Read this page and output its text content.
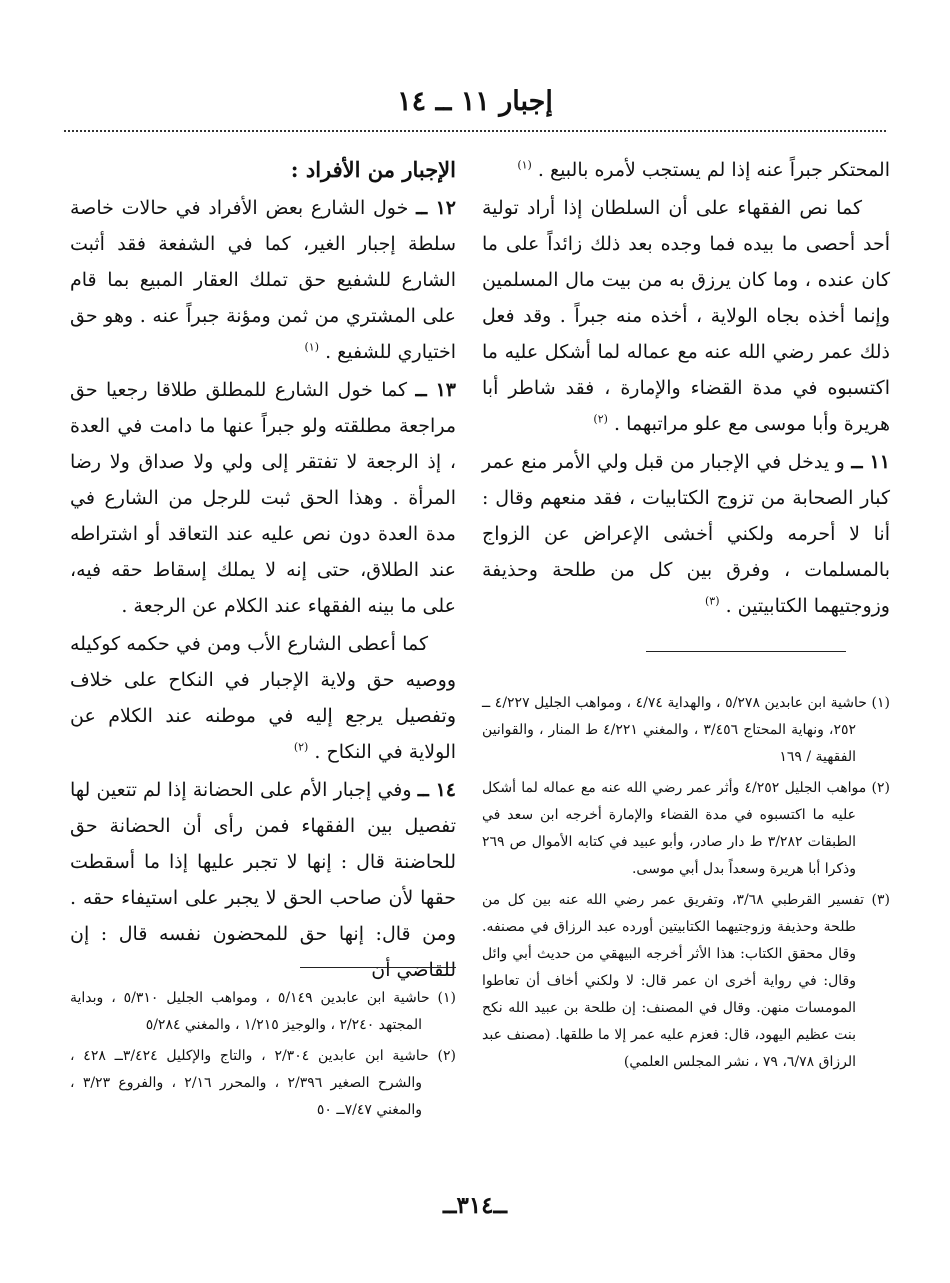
إجبار ١١ ــ ١٤

المحتكر جبراً عنه إذا لم يستجب لأمره بالبيع . $^{(١)}$

كما نص الفقهاء على أن السلطان إذا أراد تولية أحد أحصى ما بيده فما وجده بعد ذلك زائداً على ما كان عنده ، وما كان يرزق به من بيت مال المسلمين وإنما أخذه بجاه الولاية ، أخذه منه جبراً . وقد فعل ذلك عمر رضي الله عنه مع عماله لما أشكل عليه ما اكتسبوه في مدة القضاء والإمارة ، فقد شاطر أبا هريرة وأبا موسى مع علو مراتبهما . $^{(٢)}$

١١ ــ و يدخل في الإجبار من قبل ولي الأمر منع عمر كبار الصحابة من تزوج الكتابيات ، فقد منعهم وقال : أنا لا أحرمه ولكني أخشى الإعراض عن الزواج بالمسلمات ، وفرق بين كل من طلحة وحذيفة وزوجتيهما الكتابيتين . $^{(٣)}$

الإجبار من الأفراد :

١٢ ــ خول الشارع بعض الأفراد في حالات خاصة سلطة إجبار الغير، كما في الشفعة فقد أثبت الشارع للشفيع حق تملك العقار المبيع بما قام على المشتري من ثمن ومؤنة جبراً عنه . وهو حق اختياري للشفيع . $^{(١)}$

١٣ ــ كما خول الشارع للمطلق طلاقا رجعيا حق مراجعة مطلقته ولو جبراً عنها ما دامت في العدة ، إذ الرجعة لا تفتقر إلى ولي ولا صداق ولا رضا المرأة . وهذا الحق ثبت للرجل من الشارع في مدة العدة دون نص عليه عند التعاقد أو اشتراطه عند الطلاق، حتى إنه لا يملك إسقاط حقه فيه، على ما بينه الفقهاء عند الكلام عن الرجعة .

كما أعطى الشارع الأب ومن في حكمه كوكيله ووصيه حق ولاية الإجبار في النكاح على خلاف وتفصيل يرجع إليه في موطنه عند الكلام عن الولاية في النكاح . $^{(٢)}$

١٤ ــ وفي إجبار الأم على الحضانة إذا لم تتعين لها تفصيل بين الفقهاء فمن رأى أن الحضانة حق للحاضنة قال : إنها لا تجبر عليها إذا ما أسقطت حقها لأن صاحب الحق لا يجبر على استيفاء حقه . ومن قال: إنها حق للمحضون نفسه قال : إن للقاضي أن

(١) حاشية ابن عابدين ٥/٢٧٨ ، والهداية ٤/٧٤ ، ومواهب الجليل ٤/٢٢٧ ــ ٢٥٢، ونهاية المحتاج ٣/٤٥٦ ، والمغني ٤/٢٢١ ط المنار ، والقوانين الفقهية / ١٦٩

(٢) مواهب الجليل ٤/٢٥٢ وأثر عمر رضي الله عنه مع عماله لما أشكل عليه ما اكتسبوه في مدة القضاء والإمارة أخرجه ابن سعد في الطبقات ٣/٢٨٢ ط دار صادر، وأبو عبيد في كتابه الأموال ص ٢٦٩ وذكرا أبا هريرة وسعداً بدل أبي موسى.

(٣) تفسير القرطبي ٣/٦٨، وتفريق عمر رضي الله عنه بين كل من طلحة وحذيفة وزوجتيهما الكتابيتين أورده عبد الرزاق في مصنفه. وقال محقق الكتاب: هذا الأثر أخرجه البيهقي من حديث أبي وائل وقال: في رواية أخرى ان عمر قال: لا ولكني أخاف أن تعاطوا المومسات منهن. وقال في المصنف: إن طلحة بن عبيد الله نكح بنت عظيم اليهود، قال: فعزم عليه عمر إلا ما طلقها. (مصنف عبد الرزاق ٦/٧٨، ٧٩ ، نشر المجلس العلمي)

(١) حاشية ابن عابدين ٥/١٤٩ ، ومواهب الجليل ٥/٣١٠ ، وبداية المجتهد ٢/٢٤٠ ، والوجيز ١/٢١٥ ، والمغني ٥/٢٨٤

(٢) حاشية ابن عابدين ٢/٣٠٤ ، والتاج والإكليل ٣/٤٢٤ــ ٤٢٨ ، والشرح الصغير ٢/٣٩٦ ، والمحرر ٢/١٦ ، والفروع ٣/٢٣ ، والمغني ٧/٤٧ــ ٥٠

ــ٣١٤ــ
